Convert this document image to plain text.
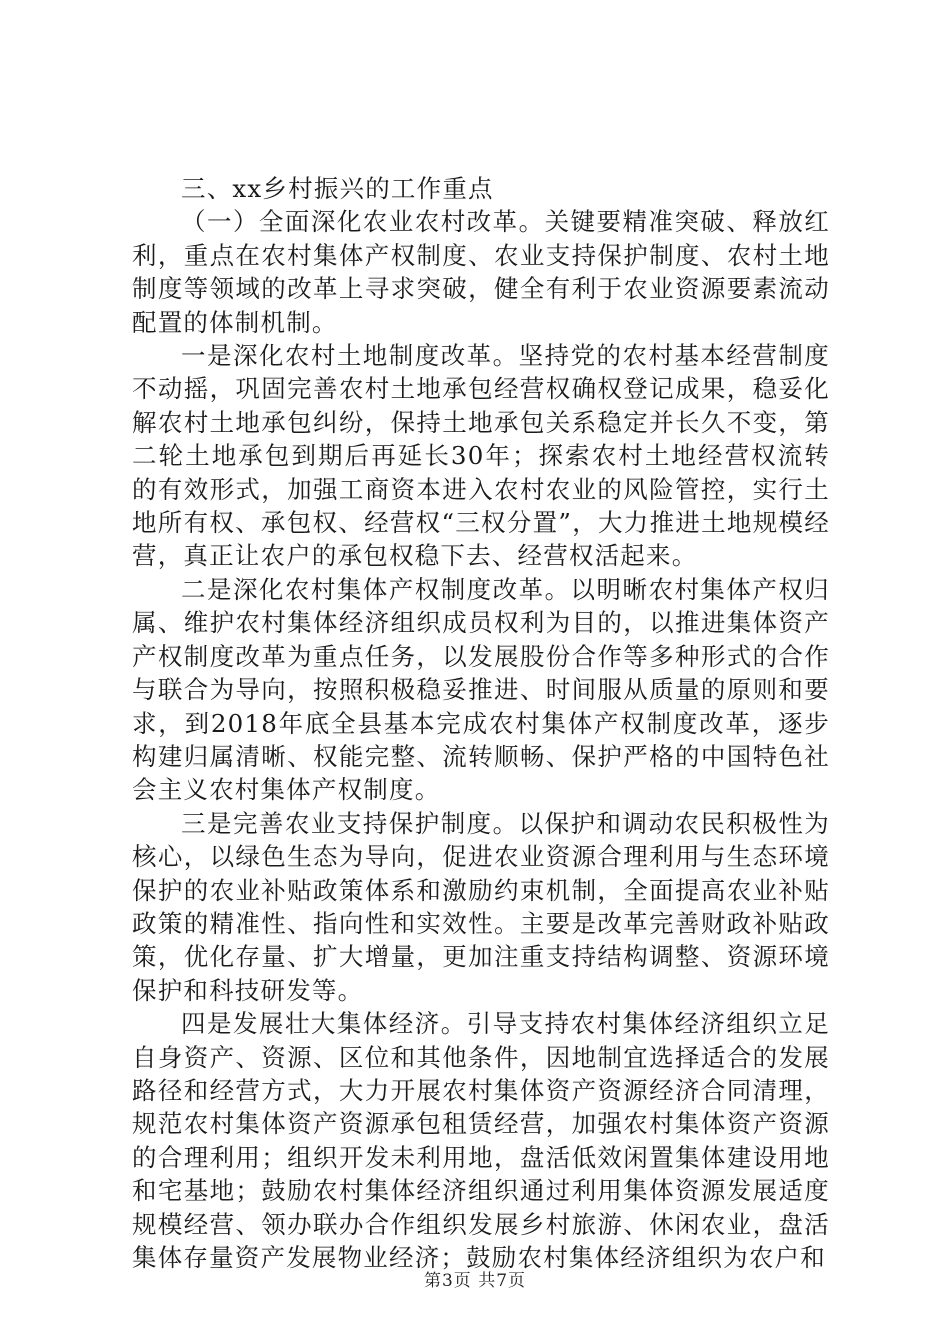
三、xx乡村振兴的工作重点

（一）全面深化农业农村改革。关键要精准突破、释放红利，重点在农村集体产权制度、农业支持保护制度、农村土地制度等领域的改革上寻求突破，健全有利于农业资源要素流动配置的体制机制。

一是深化农村土地制度改革。坚持党的农村基本经营制度不动摇，巩固完善农村土地承包经营权确权登记成果，稳妥化解农村土地承包纠纷，保持土地承包关系稳定并长久不变，第二轮土地承包到期后再延长30年；探索农村土地经营权流转的有效形式，加强工商资本进入农村农业的风险管控，实行土地所有权、承包权、经营权“三权分置”，大力推进土地规模经营，真正让农户的承包权稳下去、经营权活起来。

二是深化农村集体产权制度改革。以明晰农村集体产权归属、维护农村集体经济组织成员权利为目的，以推进集体资产产权制度改革为重点任务，以发展股份合作等多种形式的合作与联合为导向，按照积极稳妥推进、时间服从质量的原则和要求，到2018年底全县基本完成农村集体产权制度改革，逐步构建归属清晰、权能完整、流转顺畅、保护严格的中国特色社会主义农村集体产权制度。

三是完善农业支持保护制度。以保护和调动农民积极性为核心，以绿色生态为导向，促进农业资源合理利用与生态环境保护的农业补贴政策体系和激励约束机制，全面提高农业补贴政策的精准性、指向性和实效性。主要是改革完善财政补贴政策，优化存量、扩大增量，更加注重支持结构调整、资源环境保护和科技研发等。

四是发展壮大集体经济。引导支持农村集体经济组织立足自身资产、资源、区位和其他条件，因地制宜选择适合的发展路径和经营方式，大力开展农村集体资产资源经济合同清理，规范农村集体资产资源承包租赁经营，加强农村集体资产资源的合理利用；组织开发未利用地，盘活低效闲置集体建设用地和宅基地；鼓励农村集体经济组织通过利用集体资源发展适度规模经营、领办联办合作组织发展乡村旅游、休闲农业，盘活集体存量资产发展物业经济；鼓励农村集体经济组织为农户和

第3页 共7页
